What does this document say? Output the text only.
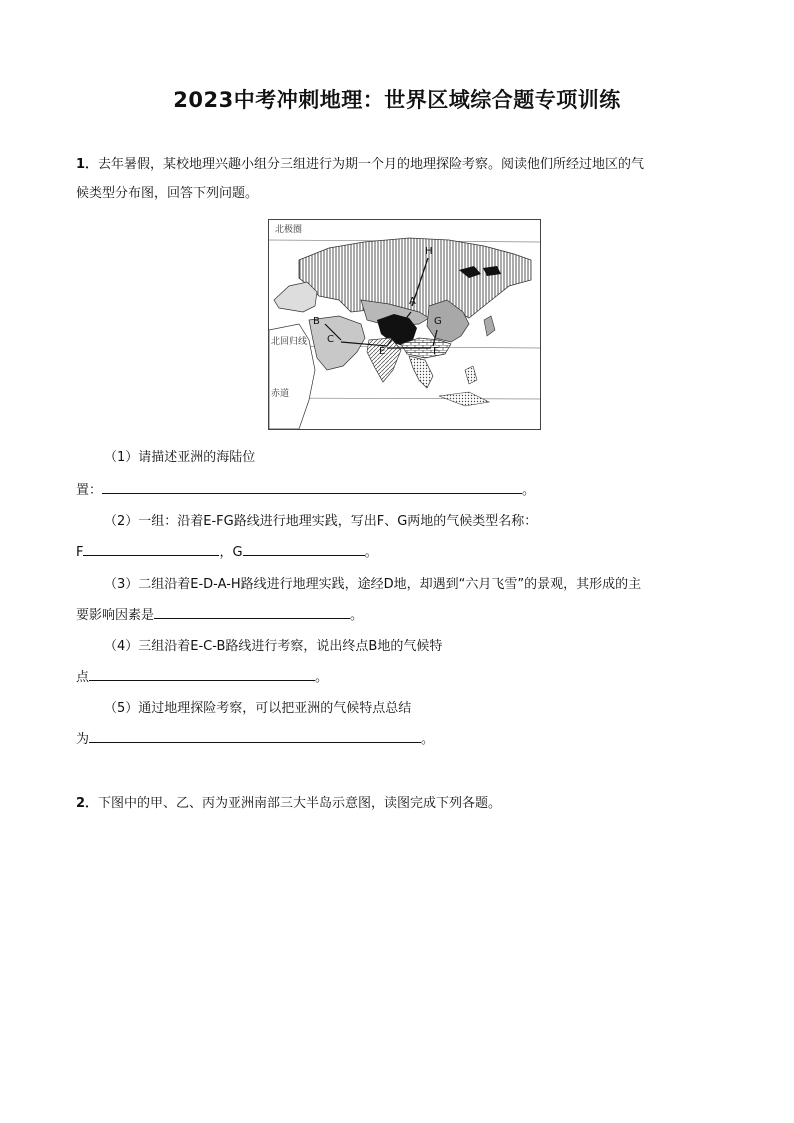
2023中考冲刺地理：世界区域综合题专项训练
1．去年暑假，某校地理兴趣小组分三组进行为期一个月的地理探险考察。阅读他们所经过地区的气
候类型分布图，回答下列问题。
北极圈
北回归线
赤道
H
A
G
B
D
C
E	F
（1）请描述亚洲的海陆位
置：	。
（2）一组：沿着E-FG路线进行地理实践，写出F、G两地的气候类型名称：
F	，G	。
（3）二组沿着E-D-A-H路线进行地理实践，途经D地，却遇到“六月飞雪”的景观，其形成的主
要影响因素是	。
（4）三组沿着E-C-B路线进行考察，说出终点B地的气候特
点	。
（5）通过地理探险考察，可以把亚洲的气候特点总结
为	。
2．下图中的甲、乙、丙为亚洲南部三大半岛示意图，读图完成下列各题。
